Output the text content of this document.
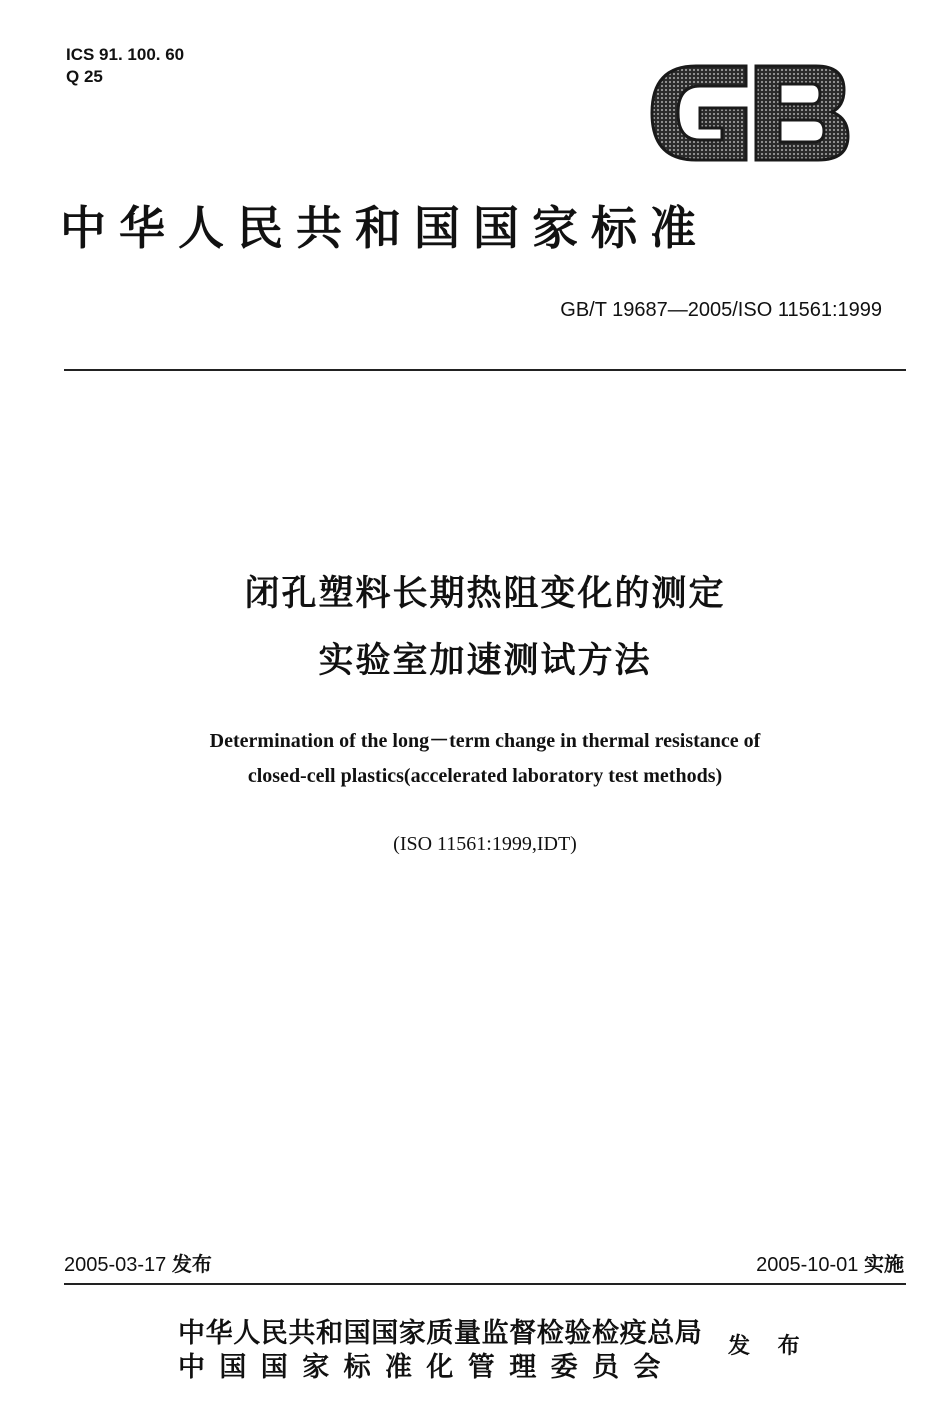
ICS 91. 100. 60
Q 25
中华人民共和国国家标准
GB/T 19687—2005/ISO 11561:1999
闭孔塑料长期热阻变化的测定
实验室加速测试方法
Determination of the long－term change in thermal resistance of
closed-cell plastics(accelerated laboratory test methods)
(ISO 11561:1999,IDT)
2005-03-17 发布	2005-10-01 实施
中华人民共和国国家质量监督检验检疫总局
中国国家标准化管理委员会
发 布
